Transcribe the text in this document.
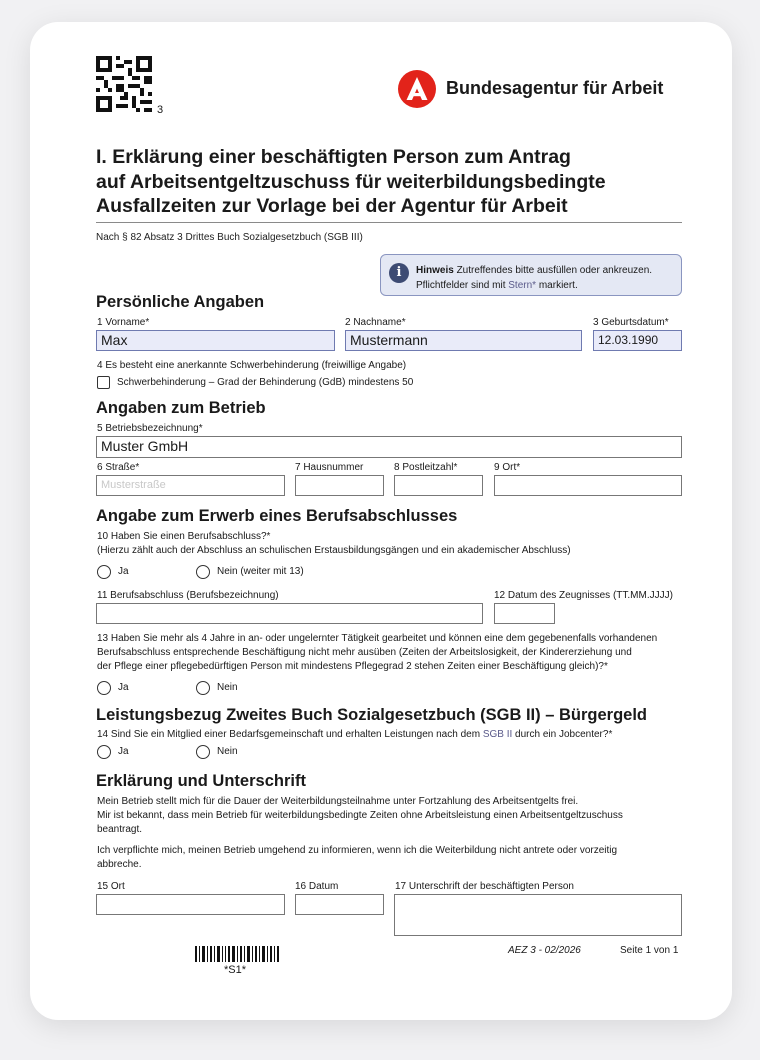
3
Bundesagentur für Arbeit
I. Erklärung einer beschäftigten Person zum Antrag
auf Arbeitsentgeltzuschuss für weiterbildungsbedingte
Ausfallzeiten zur Vorlage bei der Agentur für Arbeit
Nach § 82 Absatz 3 Drittes Buch Sozialgesetzbuch (SGB III)
i	Hinweis Zutreffendes bitte ausfüllen oder ankreuzen.
Pflichtfelder sind mit Stern* markiert.
Persönliche Angaben
1 Vorname*
Max
2 Nachname*
Mustermann
3 Geburtsdatum*
12.03.1990
4 Es besteht eine anerkannte Schwerbehinderung (freiwillige Angabe)
Schwerbehinderung – Grad der Behinderung (GdB) mindestens 50
Angaben zum Betrieb
5 Betriebsbezeichnung*
Muster GmbH
6 Straße*
Musterstraße
7 Hausnummer	8 Postleitzahl*	9 Ort*
Angabe zum Erwerb eines Berufsabschlusses
10 Haben Sie einen Berufsabschluss?*
(Hierzu zählt auch der Abschluss an schulischen Erstausbildungsgängen und ein akademischer Abschluss)
Ja	Nein (weiter mit 13)
11 Berufsabschluss (Berufsbezeichnung)	12 Datum des Zeugnisses (TT.MM.JJJJ)
13 Haben Sie mehr als 4 Jahre in an- oder ungelernter Tätigkeit gearbeitet und können eine dem gegebenenfalls vorhandenen
Berufsabschluss entsprechende Beschäftigung nicht mehr ausüben (Zeiten der Arbeitslosigkeit, der Kindererziehung und
der Pflege einer pflegebedürftigen Person mit mindestens Pflegegrad 2 stehen Zeiten einer Beschäftigung gleich)?*
Ja	Nein
Leistungsbezug Zweites Buch Sozialgesetzbuch (SGB II) – Bürgergeld
14 Sind Sie ein Mitglied einer Bedarfsgemeinschaft und erhalten Leistungen nach dem SGB II durch ein Jobcenter?*
Ja	Nein
Erklärung und Unterschrift
Mein Betrieb stellt mich für die Dauer der Weiterbildungsteilnahme unter Fortzahlung des Arbeitsentgelts frei.
Mir ist bekannt, dass mein Betrieb für weiterbildungsbedingte Zeiten ohne Arbeitsleistung einen Arbeitsentgeltzuschuss
beantragt.
Ich verpflichte mich, meinen Betrieb umgehend zu informieren, wenn ich die Weiterbildung nicht antrete oder vorzeitig
abbreche.
15 Ort	16 Datum	17 Unterschrift der beschäftigten Person
*S1*
AEZ 3 - 02/2026	Seite 1 von 1
